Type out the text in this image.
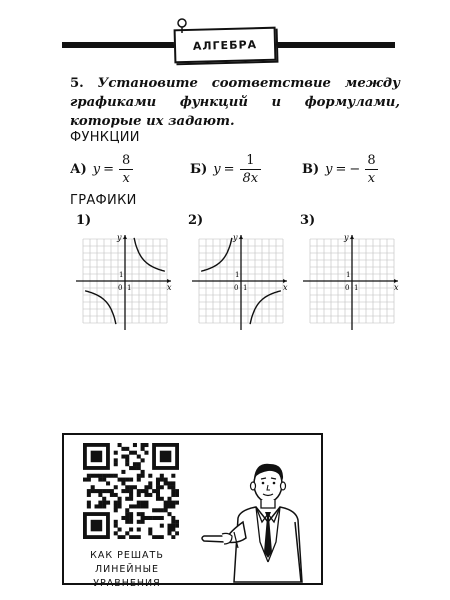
АЛГЕБРА
5. Установите соответствие между графиками функций и формулами, которые их задают.
ФУНКЦИИ
А) $y = \frac{8}{x}$	Б) $y = \frac{1}{8x}$	В) y = − $\frac{8}{x}$
ГРАФИКИ
1)	2)	3)
x
y
0 1
1
x
y
0 1
1
x
y
0 1
1
КАК РЕШАТЬ ЛИНЕЙНЫЕ
УРАВНЕНИЯ
